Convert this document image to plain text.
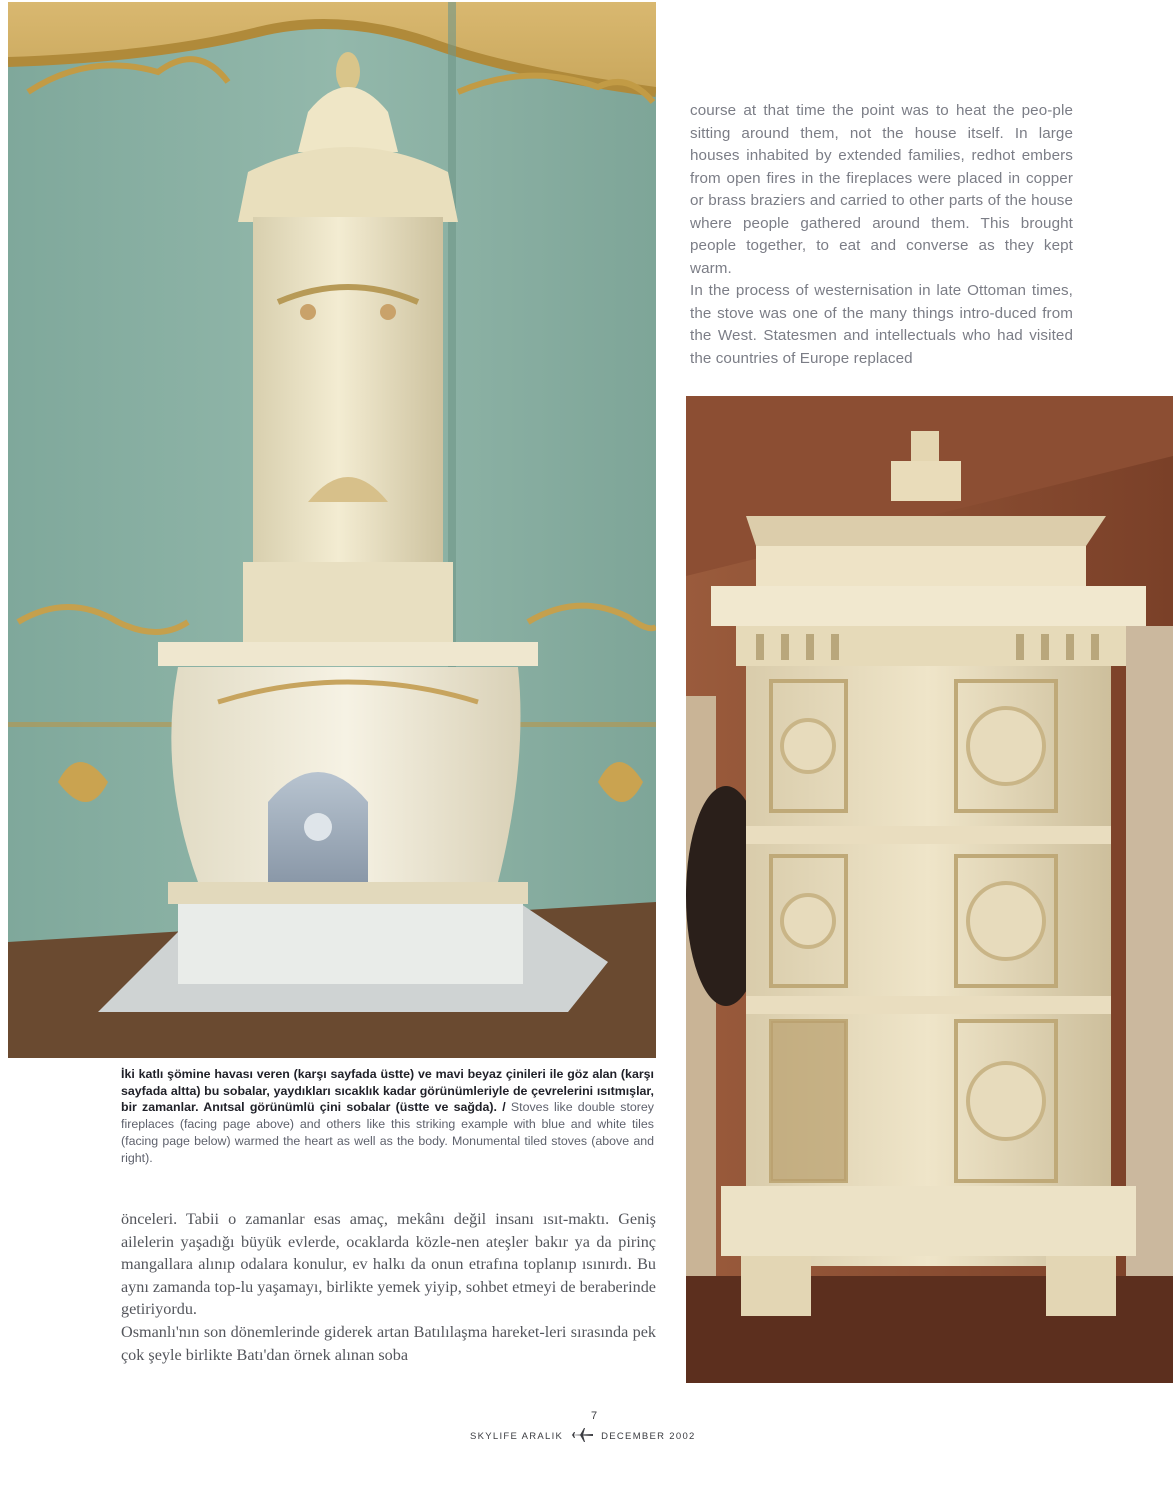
course at that time the point was to heat the peo-ple sitting around them, not the house itself. In large houses inhabited by extended families, redhot embers from open fires in the fireplaces were placed in copper or brass braziers and carried to other parts of the house where people gathered around them. This brought people together, to eat and converse as they kept warm.

In the process of westernisation in late Ottoman times, the stove was one of the many things intro-duced from the West. Statesmen and intellectuals who had visited the countries of Europe replaced

İki katlı şömine havası veren (karşı sayfada üstte) ve mavi beyaz çinileri ile göz alan (karşı sayfada altta) bu sobalar, yaydıkları sıcaklık kadar görünümleriyle de çevrelerini ısıtmışlar, bir zamanlar. Anıtsal görünümlü çini sobalar (üstte ve sağda). / Stoves like double storey fireplaces (facing page above) and others like this striking example with blue and white tiles (facing page below) warmed the heart as well as the body. Monumental tiled stoves (above and right).

önceleri. Tabii o zamanlar esas amaç, mekânı değil insanı ısıt-maktı. Geniş ailelerin yaşadığı büyük evlerde, ocaklarda közle-nen ateşler bakır ya da pirinç mangallara alınıp odalara konulur, ev halkı da onun etrafına toplanıp ısınırdı. Bu aynı zamanda top-lu yaşamayı, birlikte yemek yiyip, sohbet etmeyi de beraberinde getiriyordu.

Osmanlı'nın son dönemlerinde giderek artan Batılılaşma hareket-leri sırasında pek çok şeyle birlikte Batı'dan örnek alınan soba

7
SKYLIFE ARALIK	DECEMBER 2002
